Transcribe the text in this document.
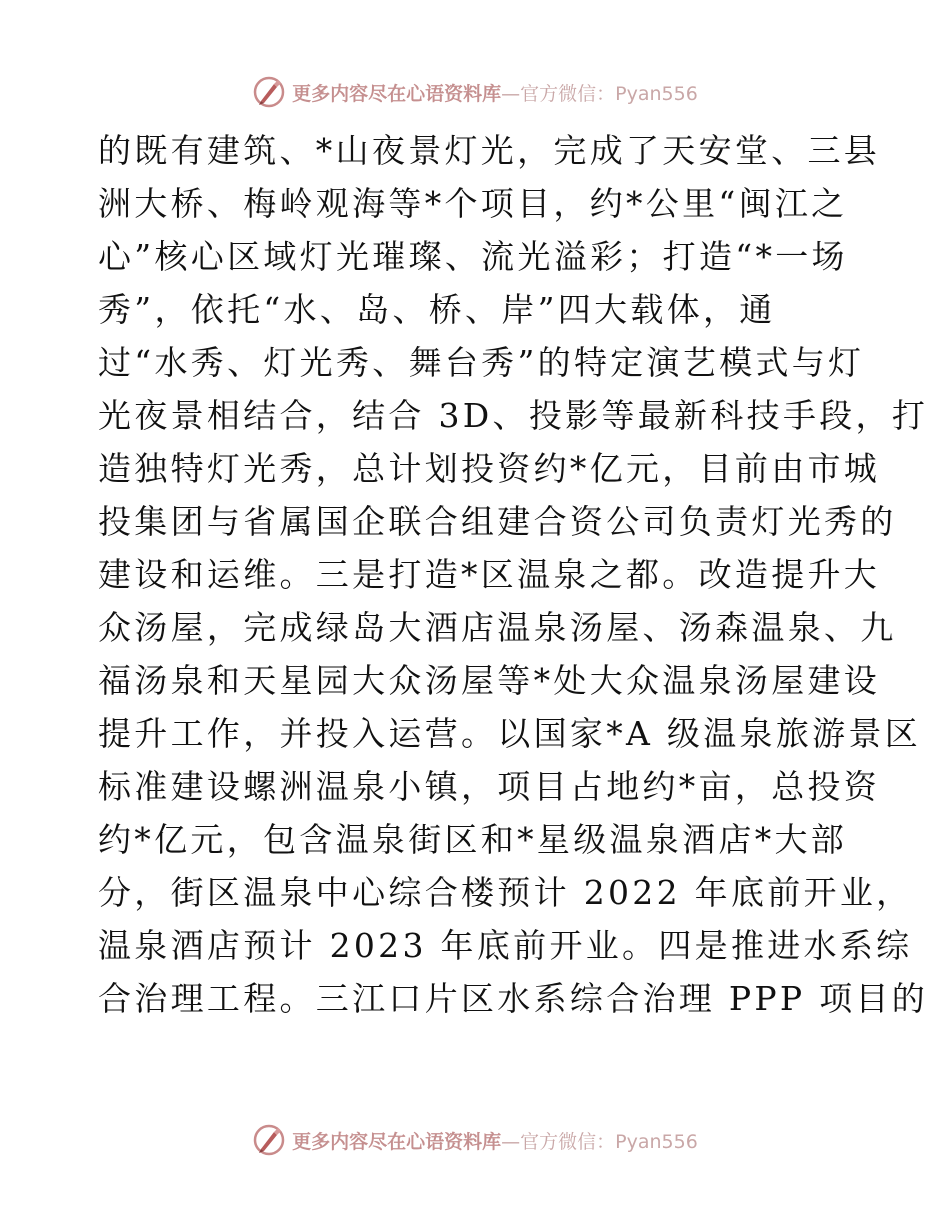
更多内容尽在心语资料库—官方微信：Pyan556
的既有建筑、*山夜景灯光，完成了天安堂、三县
洲大桥、梅岭观海等*个项目，约*公里“闽江之
心”核心区域灯光璀璨、流光溢彩；打造“*一场
秀”，依托“水、岛、桥、岸”四大载体，通
过“水秀、灯光秀、舞台秀”的特定演艺模式与灯
光夜景相结合，结合 3D、投影等最新科技手段，打
造独特灯光秀，总计划投资约*亿元，目前由市城
投集团与省属国企联合组建合资公司负责灯光秀的
建设和运维。三是打造*区温泉之都。改造提升大
众汤屋，完成绿岛大酒店温泉汤屋、汤森温泉、九
福汤泉和天星园大众汤屋等*处大众温泉汤屋建设
提升工作，并投入运营。以国家*A 级温泉旅游景区
标准建设螺洲温泉小镇，项目占地约*亩，总投资
约*亿元，包含温泉街区和*星级温泉酒店*大部
分，街区温泉中心综合楼预计 2022 年底前开业，
温泉酒店预计 2023 年底前开业。四是推进水系综
合治理工程。三江口片区水系综合治理 PPP 项目的
更多内容尽在心语资料库—官方微信：Pyan556
